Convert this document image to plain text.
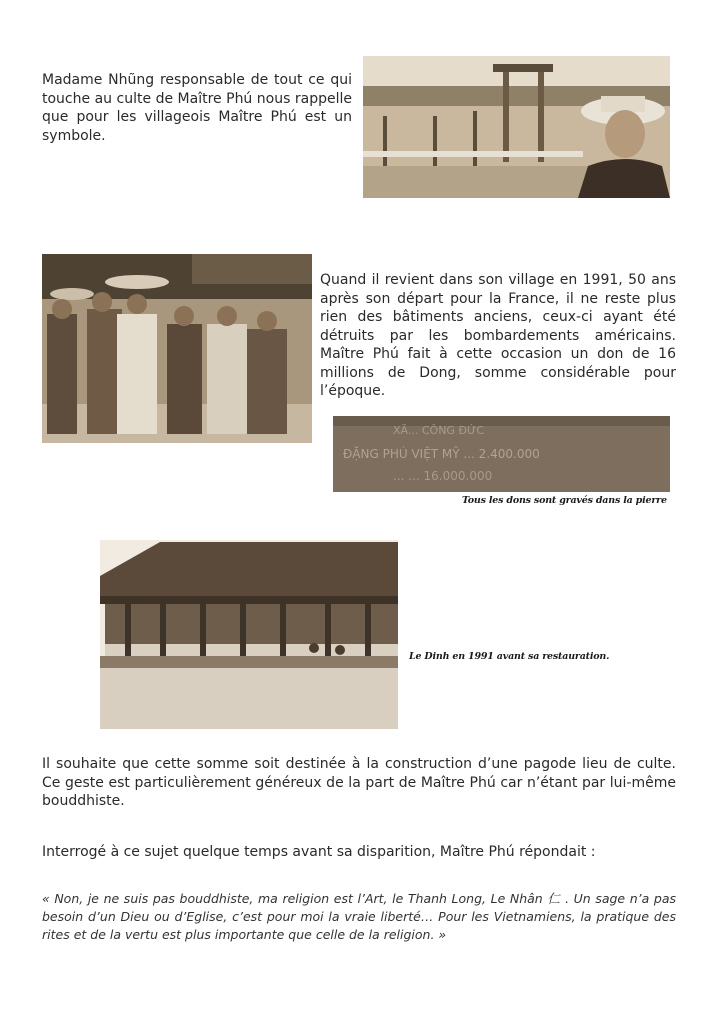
Madame Nhũng responsable de tout ce qui touche au culte de Maître Phú nous rappelle que pour les villageois Maître Phú est un symbole.

Quand il revient dans son village en 1991, 50 ans après son départ pour la France, il ne reste plus rien des bâtiments anciens, ceux-ci ayant été détruits par les bombardements américains. Maître Phú fait à cette occasion un don de 16 millions de Dong, somme considérable pour l’époque.

XÃ... CÔNG ĐỨC
ĐẶNG PHÚ VIỆT MỸ ... 2.400.000
... ... 16.000.000
Tous les dons sont gravés dans la pierre
Le Dinh en 1991 avant sa restauration.

Il souhaite que cette somme soit destinée à la construction d’une pagode lieu de culte. Ce geste est particulièrement généreux de la part de Maître Phú car n’étant par lui-même bouddhiste.

Interrogé à ce sujet quelque temps avant sa disparition, Maître Phú répondait :

« Non, je ne suis pas bouddhiste, ma religion est l’Art, le Thanh Long, Le Nhân 仁 . Un sage n’a pas besoin d’un Dieu ou d’Eglise, c’est pour moi la vraie liberté… Pour les Vietnamiens, la pratique des rites et de la vertu est plus importante que celle de la religion. »
